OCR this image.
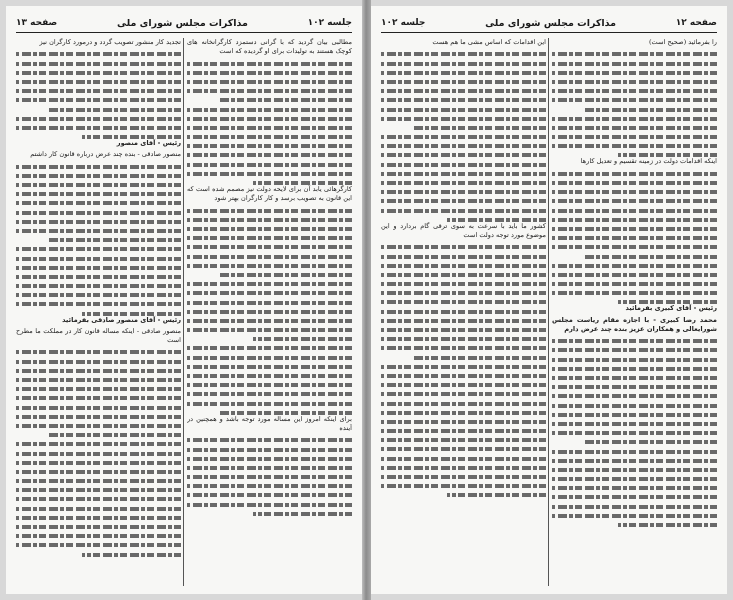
جلسه ۱۰۲
مذاکرات مجلس شورای ملی
صفحه ۱۳

مطالبی بیان گردید که با گرانی دستمزد کارگرانخانه های کوچک هستند به تولیدات برای او گردیده که است

کارگرهائی یابد آن برای لایحه دولت نیز مصمم شده است که این قانون به تصویب برسد و کار کارگران بهتر شود

برای اینکه امروز این مساله مورد توجه باشد و همچنین در آینده

تجدید کار منشور تصویب گردد و درمورد کارگران نیز

رئیس - آقای منصور

منصور صادقی - بنده چند عرض درباره قانون کار داشتم

رئیس - آقای منصور صادقی بفرمائید

منصور صادقی - اینکه مساله قانون کار در مملکت ما مطرح است

صفحه ۱۲
مذاکرات مجلس شورای ملی
جلسه ۱۰۲

را بفرمائید (صحیح است)

اینکه اقدامات دولت در زمینه تقسیم و تعدیل کارها

رئیس - آقای کبیری بفرمائید

محمد رضا کبیری - با اجازه مقام ریاست مجلس شورایعالی و همکاران عزیز بنده چند عرض دارم

این اقدامات که اساس مشی ما هم هست

کشور ما باید با سرعت به سوی ترقی گام بردارد و این موضوع مورد توجه دولت است
